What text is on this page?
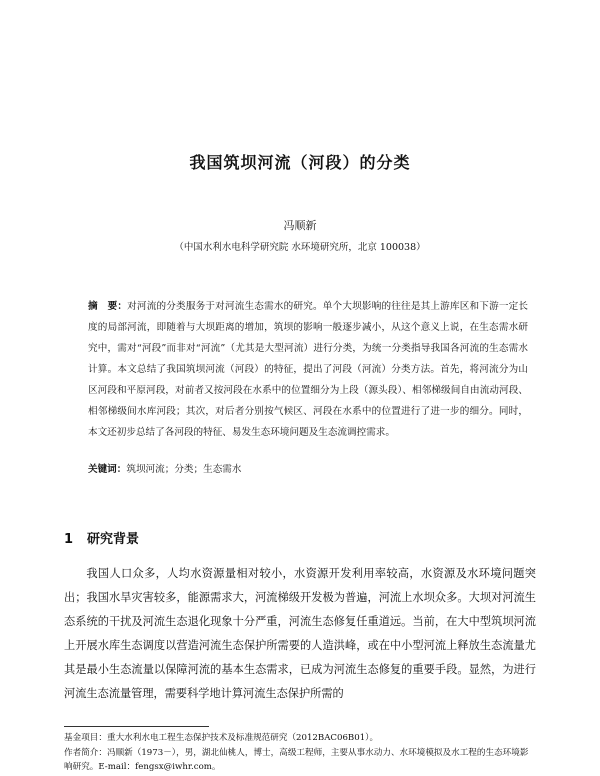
我国筑坝河流（河段）的分类
冯顺新
（中国水利水电科学研究院 水环境研究所，北京 100038）
摘　要：对河流的分类服务于对河流生态需水的研究。单个大坝影响的往往是其上游库区和下游一定长度的局部河流，即随着与大坝距离的增加，筑坝的影响一般逐步减小，从这个意义上说，在生态需水研究中，需对“河段”而非对“河流”（尤其是大型河流）进行分类，为统一分类指导我国各河流的生态需水计算。本文总结了我国筑坝河流（河段）的特征，提出了河段（河流）分类方法。首先，将河流分为山区河段和平原河段，对前者又按河段在水系中的位置细分为上段（源头段）、相邻梯级间自由流动河段、相邻梯级间水库河段；其次，对后者分别按气候区、河段在水系中的位置进行了进一步的细分。同时，本文还初步总结了各河段的特征、易发生态环境问题及生态流调控需求。
关键词：筑坝河流；分类；生态需水
1 研究背景
我国人口众多，人均水资源量相对较小，水资源开发利用率较高，水资源及水环境问题突出；我国水旱灾害较多，能源需求大，河流梯级开发极为普遍，河流上水坝众多。大坝对河流生态系统的干扰及河流生态退化现象十分严重，河流生态修复任重道远。当前，在大中型筑坝河流上开展水库生态调度以营造河流生态保护所需要的人造洪峰，或在中小型河流上释放生态流量尤其是最小生态流量以保障河流的基本生态需求，已成为河流生态修复的重要手段。显然，为进行河流生态流量管理，需要科学地计算河流生态保护所需的
基金项目：重大水利水电工程生态保护技术及标准规范研究（2012BAC06B01）。
作者简介：冯顺新（1973－），男，湖北仙桃人，博士，高级工程师，主要从事水动力、水环境模拟及水工程的生态环境影响研究。E-mail：fengsx@iwhr.com。
